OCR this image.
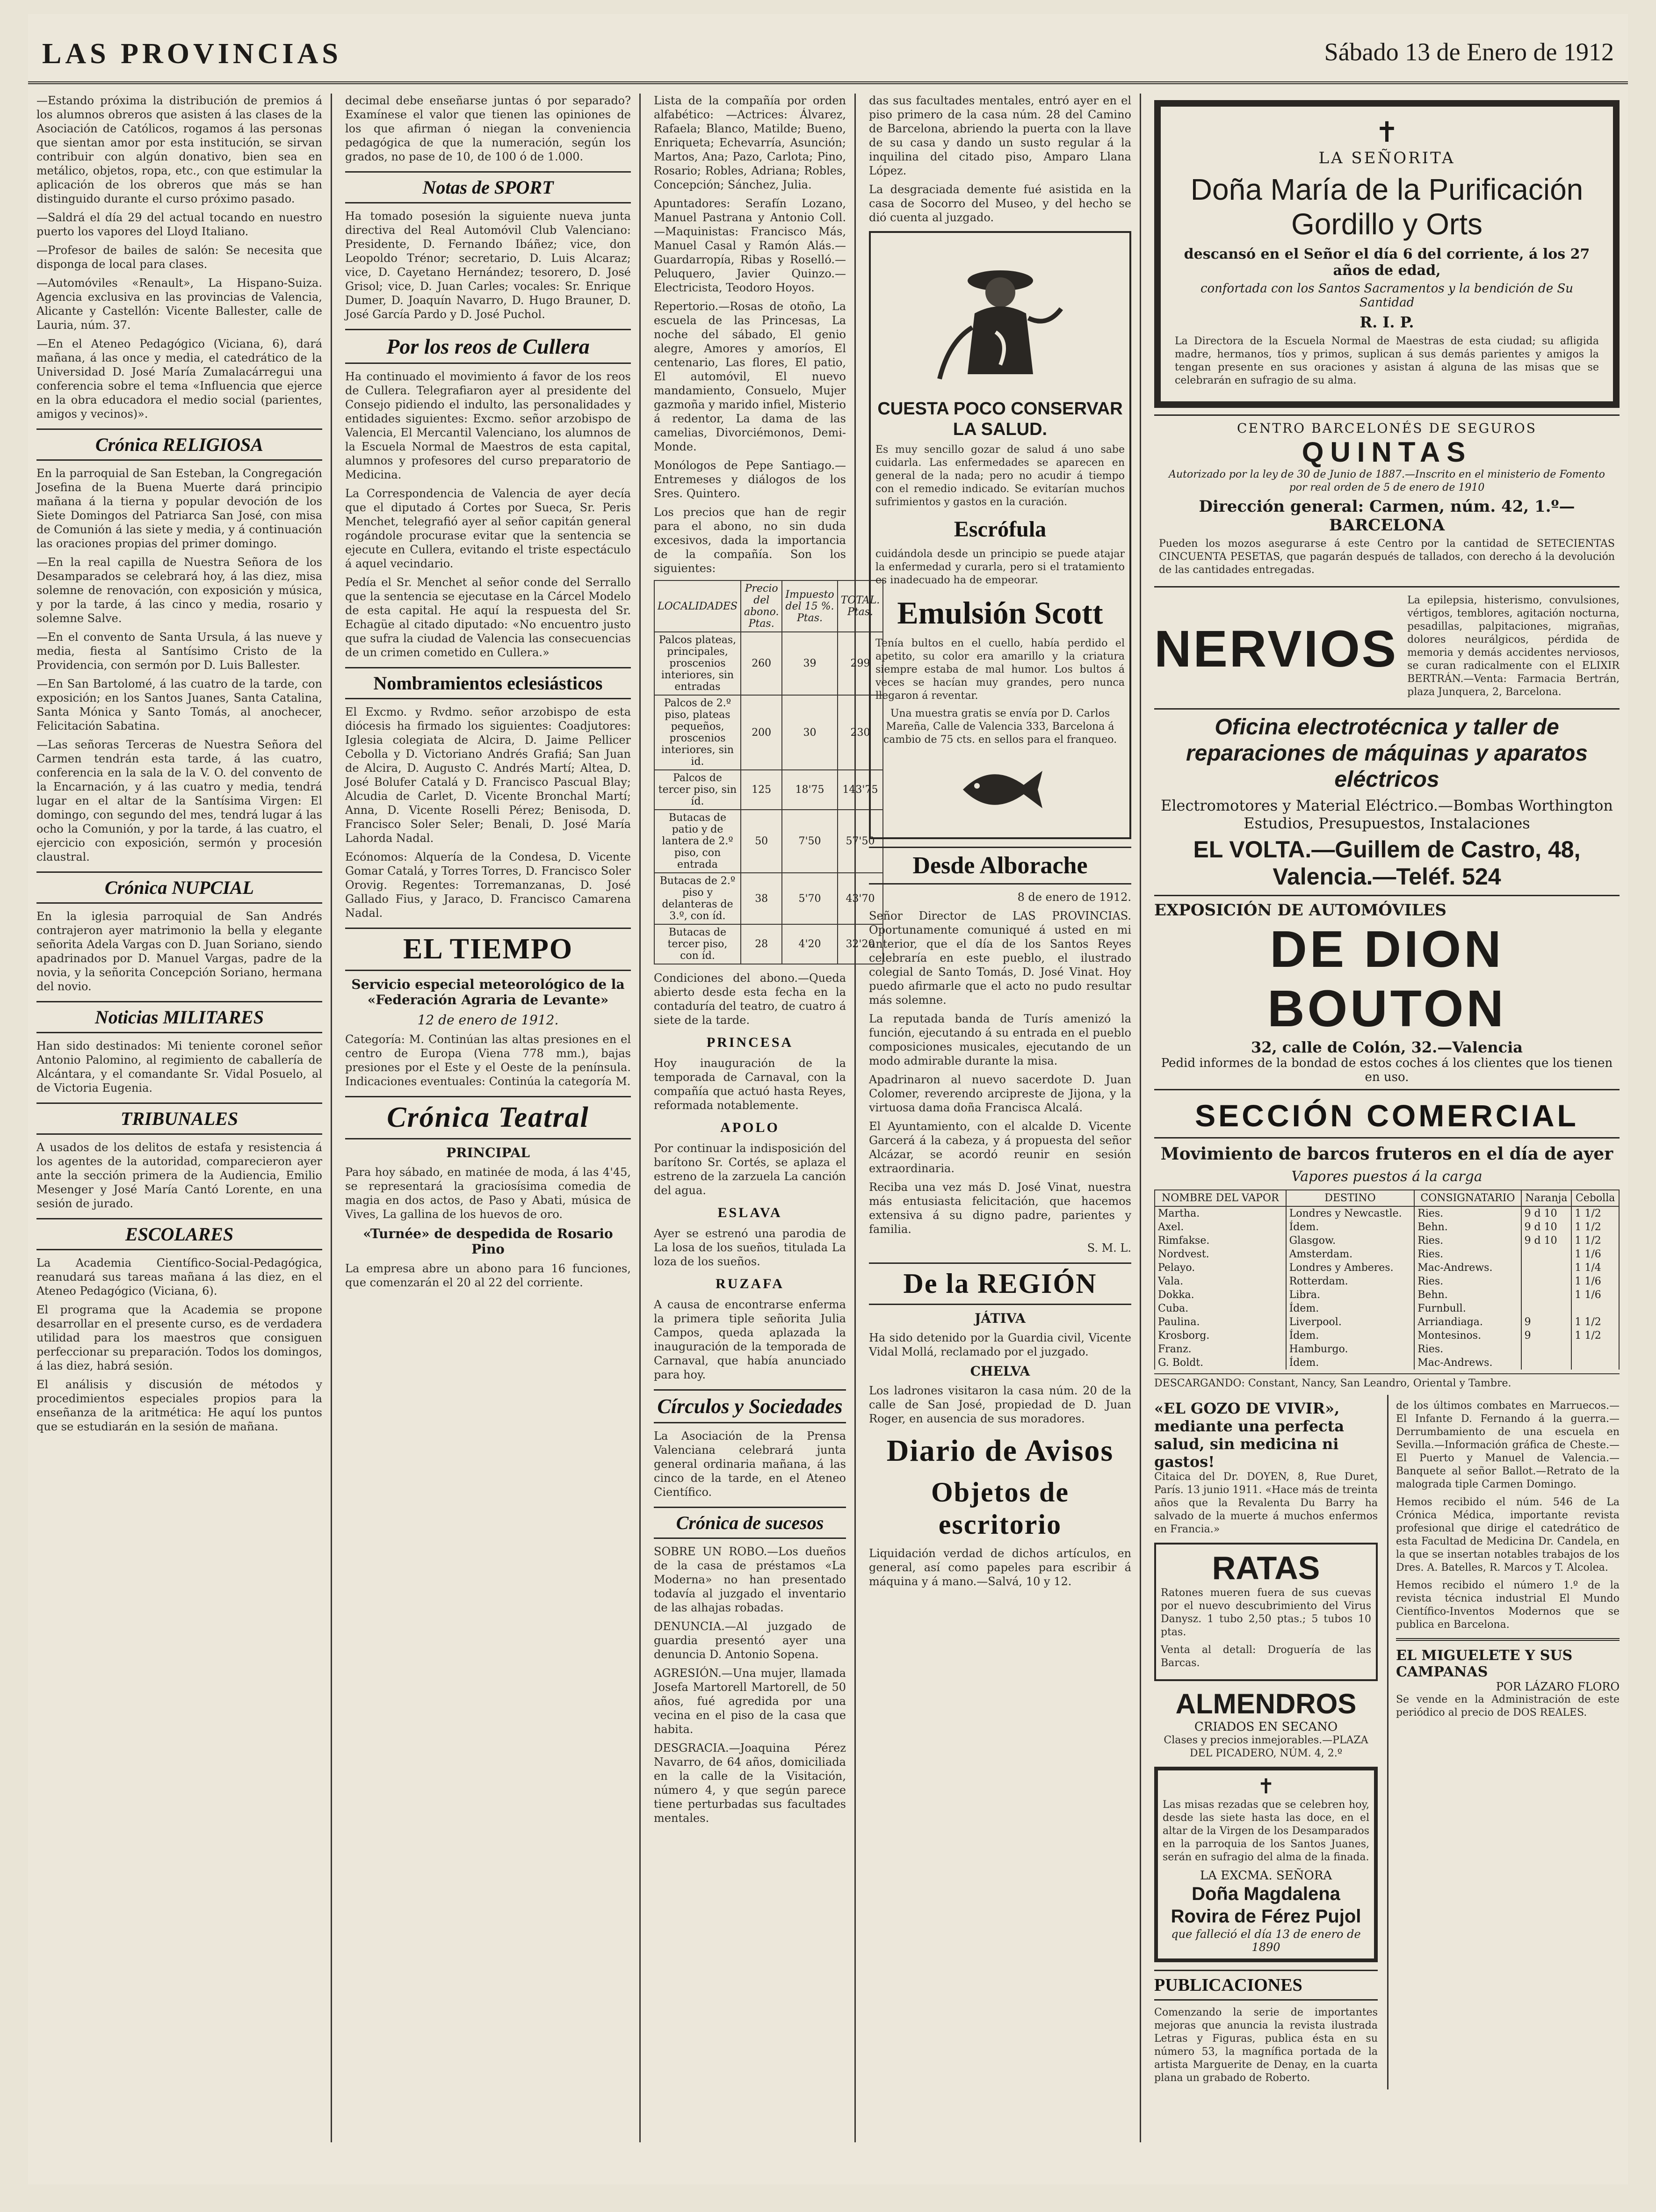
LAS PROVINCIAS	Sábado 13 de Enero de 1912

—Estando próxima la distribución de premios á los alumnos obreros que asisten á las clases de la Asociación de Católicos, rogamos á las personas que sientan amor por esta institución, se sirvan contribuir con algún donativo, bien sea en metálico, objetos, ropa, etc., con que estimular la aplicación de los obreros que más se han distinguido durante el curso próximo pasado.

—Saldrá el día 29 del actual tocando en nuestro puerto los vapores del Lloyd Italiano.

—Profesor de bailes de salón: Se necesita que disponga de local para clases.

—Automóviles «Renault», La Hispano-Suiza. Agencia exclusiva en las provincias de Valencia, Alicante y Castellón: Vicente Ballester, calle de Lauria, núm. 37.

—En el Ateneo Pedagógico (Viciana, 6), dará mañana, á las once y media, el catedrático de la Universidad D. José María Zumalacárregui una conferencia sobre el tema «Influencia que ejerce en la obra educadora el medio social (parientes, amigos y vecinos)».

Crónica RELIGIOSA

En la parroquial de San Esteban, la Congregación Josefina de la Buena Muerte dará principio mañana á la tierna y popular devoción de los Siete Domingos del Patriarca San José, con misa de Comunión á las siete y media, y á continuación las oraciones propias del primer domingo.

—En la real capilla de Nuestra Señora de los Desamparados se celebrará hoy, á las diez, misa solemne de renovación, con exposición y música, y por la tarde, á las cinco y media, rosario y solemne Salve.

—En el convento de Santa Ursula, á las nueve y media, fiesta al Santísimo Cristo de la Providencia, con sermón por D. Luis Ballester.

—En San Bartolomé, á las cuatro de la tarde, con exposición; en los Santos Juanes, Santa Catalina, Santa Mónica y Santo Tomás, al anochecer, Felicitación Sabatina.

—Las señoras Terceras de Nuestra Señora del Carmen tendrán esta tarde, á las cuatro, conferencia en la sala de la V. O. del convento de la Encarnación, y á las cuatro y media, tendrá lugar en el altar de la Santísima Virgen: El domingo, con segundo del mes, tendrá lugar á las ocho la Comunión, y por la tarde, á las cuatro, el ejercicio con exposición, sermón y procesión claustral.

Crónica NUPCIAL

En la iglesia parroquial de San Andrés contrajeron ayer matrimonio la bella y elegante señorita Adela Vargas con D. Juan Soriano, siendo apadrinados por D. Manuel Vargas, padre de la novia, y la señorita Concepción Soriano, hermana del novio.

Noticias MILITARES

Han sido destinados: Mi teniente coronel señor Antonio Palomino, al regimiento de caballería de Alcántara, y el comandante Sr. Vidal Posuelo, al de Victoria Eugenia.

TRIBUNALES

A usados de los delitos de estafa y resistencia á los agentes de la autoridad, comparecieron ayer ante la sección primera de la Audiencia, Emilio Mesenger y José María Cantó Lorente, en una sesión de jurado.

ESCOLARES

La Academia Científico-Social-Pedagógica, reanudará sus tareas mañana á las diez, en el Ateneo Pedagógico (Viciana, 6).

El programa que la Academia se propone desarrollar en el presente curso, es de verdadera utilidad para los maestros que consiguen perfeccionar su preparación. Todos los domingos, á las diez, habrá sesión.

El análisis y discusión de métodos y procedimientos especiales propios para la enseñanza de la aritmética: He aquí los puntos que se estudiarán en la sesión de mañana.

decimal debe enseñarse juntas ó por separado? Examínese el valor que tienen las opiniones de los que afirman ó niegan la conveniencia pedagógica de que la numeración, según los grados, no pase de 10, de 100 ó de 1.000.

Notas de SPORT

Ha tomado posesión la siguiente nueva junta directiva del Real Automóvil Club Valenciano: Presidente, D. Fernando Ibáñez; vice, don Leopoldo Trénor; secretario, D. Luis Alcaraz; vice, D. Cayetano Hernández; tesorero, D. José Grisol; vice, D. Juan Carles; vocales: Sr. Enrique Dumer, D. Joaquín Navarro, D. Hugo Brauner, D. José García Pardo y D. José Puchol.

Por los reos de Cullera

Ha continuado el movimiento á favor de los reos de Cullera. Telegrafiaron ayer al presidente del Consejo pidiendo el indulto, las personalidades y entidades siguientes: Excmo. señor arzobispo de Valencia, El Mercantil Valenciano, los alumnos de la Escuela Normal de Maestros de esta capital, alumnos y profesores del curso preparatorio de Medicina.

La Correspondencia de Valencia de ayer decía que el diputado á Cortes por Sueca, Sr. Peris Menchet, telegrafió ayer al señor capitán general rogándole procurase evitar que la sentencia se ejecute en Cullera, evitando el triste espectáculo á aquel vecindario.

Pedía el Sr. Menchet al señor conde del Serrallo que la sentencia se ejecutase en la Cárcel Modelo de esta capital. He aquí la respuesta del Sr. Echagüe al citado diputado: «No encuentro justo que sufra la ciudad de Valencia las consecuencias de un crimen cometido en Cullera.»

Nombramientos eclesiásticos

El Excmo. y Rvdmo. señor arzobispo de esta diócesis ha firmado los siguientes: Coadjutores: Iglesia colegiata de Alcira, D. Jaime Pellicer Cebolla y D. Victoriano Andrés Grafiá; San Juan de Alcira, D. Augusto C. Andrés Martí; Altea, D. José Bolufer Catalá y D. Francisco Pascual Blay; Alcudia de Carlet, D. Vicente Bronchal Martí; Anna, D. Vicente Roselli Pérez; Benisoda, D. Francisco Soler Seler; Benali, D. José María Lahorda Nadal.

Ecónomos: Alquería de la Condesa, D. Vicente Gomar Catalá, y Torres Torres, D. Francisco Soler Orovig. Regentes: Torremanzanas, D. José Gallado Fius, y Jaraco, D. Francisco Camarena Nadal.

EL TIEMPO
Servicio especial meteorológico de la «Federación Agraria de Levante»
12 de enero de 1912.

Categoría: M. Continúan las altas presiones en el centro de Europa (Viena 778 mm.), bajas presiones por el Este y el Oeste de la península. Indicaciones eventuales: Continúa la categoría M.

Crónica Teatral
PRINCIPAL

Para hoy sábado, en matinée de moda, á las 4'45, se representará la graciosísima comedia de magia en dos actos, de Paso y Abati, música de Vives, La gallina de los huevos de oro.

«Turnée» de despedida de Rosario Pino

La empresa abre un abono para 16 funciones, que comenzarán el 20 al 22 del corriente.

Lista de la compañía por orden alfabético: —Actrices: Álvarez, Rafaela; Blanco, Matilde; Bueno, Enriqueta; Echevarría, Asunción; Martos, Ana; Pazo, Carlota; Pino, Rosario; Robles, Adriana; Robles, Concepción; Sánchez, Julia.

Apuntadores: Serafín Lozano, Manuel Pastrana y Antonio Coll.—Maquinistas: Francisco Más, Manuel Casal y Ramón Alás.—Guardarropía, Ribas y Roselló.—Peluquero, Javier Quinzo.—Electricista, Teodoro Hoyos.

Repertorio.—Rosas de otoño, La escuela de las Princesas, La noche del sábado, El genio alegre, Amores y amoríos, El centenario, Las flores, El patio, El automóvil, El nuevo mandamiento, Consuelo, Mujer gazmoña y marido infiel, Misterio á redentor, La dama de las camelias, Divorciémonos, Demi-Monde.

Monólogos de Pepe Santiago.—Entremeses y diálogos de los Sres. Quintero.

Los precios que han de regir para el abono, no sin duda excesivos, dada la importancia de la compañía. Son los siguientes:

LOCALIDADES	Precio del abono. Ptas.	Impuesto del 15 %. Ptas.	TOTAL. Ptas.
Palcos plateas, principales, proscenios interiores, sin entradas	260	39	299
Palcos de 2.º piso, plateas pequeños, proscenios interiores, sin id.	200	30	230
Palcos de tercer piso, sin íd.	125	18'75	143'75
Butacas de patio y de lantera de 2.º piso, con entrada	50	7'50	57'50
Butacas de 2.º piso y delanteras de 3.º, con íd.	38	5'70	43'70
Butacas de tercer piso, con íd.	28	4'20	32'20

Condiciones del abono.—Queda abierto desde esta fecha en la contaduría del teatro, de cuatro á siete de la tarde.

PRINCESA

Hoy inauguración de la temporada de Carnaval, con la compañía que actuó hasta Reyes, reformada notablemente.

APOLO

Por continuar la indisposición del barítono Sr. Cortés, se aplaza el estreno de la zarzuela La canción del agua.

ESLAVA

Ayer se estrenó una parodia de La losa de los sueños, titulada La loza de los sueños.

RUZAFA

A causa de encontrarse enferma la primera tiple señorita Julia Campos, queda aplazada la inauguración de la temporada de Carnaval, que había anunciado para hoy.

Círculos y Sociedades

La Asociación de la Prensa Valenciana celebrará junta general ordinaria mañana, á las cinco de la tarde, en el Ateneo Científico.

Crónica de sucesos

SOBRE UN ROBO.—Los dueños de la casa de préstamos «La Moderna» no han presentado todavía al juzgado el inventario de las alhajas robadas.

DENUNCIA.—Al juzgado de guardia presentó ayer una denuncia D. Antonio Sopena.

AGRESIÓN.—Una mujer, llamada Josefa Martorell Martorell, de 50 años, fué agredida por una vecina en el piso de la casa que habita.

DESGRACIA.—Joaquina Pérez Navarro, de 64 años, domiciliada en la calle de la Visitación, número 4, y que según parece tiene perturbadas sus facultades mentales.

das sus facultades mentales, entró ayer en el piso primero de la casa núm. 28 del Camino de Barcelona, abriendo la puerta con la llave de su casa y dando un susto regular á la inquilina del citado piso, Amparo Llana López.

La desgraciada demente fué asistida en la casa de Socorro del Museo, y del hecho se dió cuenta al juzgado.

CUESTA POCO CONSERVAR LA SALUD.

Es muy sencillo gozar de salud á uno sabe cuidarla. Las enfermedades se aparecen en general de la nada; pero no acudir á tiempo con el remedio indicado. Se evitarían muchos sufrimientos y gastos en la curación.

Escrófula

cuidándola desde un principio se puede atajar la enfermedad y curarla, pero si el tratamiento es inadecuado ha de empeorar.

Emulsión Scott

Tenía bultos en el cuello, había perdido el apetito, su color era amarillo y la criatura siempre estaba de mal humor. Los bultos á veces se hacían muy grandes, pero nunca llegaron á reventar.

Una muestra gratis se envía por D. Carlos Mareña, Calle de Valencia 333, Barcelona á cambio de 75 cts. en sellos para el franqueo.

Desde Alborache

8 de enero de 1912.

Señor Director de LAS PROVINCIAS. Oportunamente comuniqué á usted en mi anterior, que el día de los Santos Reyes celebraría en este pueblo, el ilustrado colegial de Santo Tomás, D. José Vinat. Hoy puedo afirmarle que el acto no pudo resultar más solemne.

La reputada banda de Turís amenizó la función, ejecutando á su entrada en el pueblo composiciones musicales, ejecutando de un modo admirable durante la misa.

Apadrinaron al nuevo sacerdote D. Juan Colomer, reverendo arcipreste de Jijona, y la virtuosa dama doña Francisca Alcalá.

El Ayuntamiento, con el alcalde D. Vicente Garcerá á la cabeza, y á propuesta del señor Alcázar, se acordó reunir en sesión extraordinaria.

Reciba una vez más D. José Vinat, nuestra más entusiasta felicitación, que hacemos extensiva á su digno padre, parientes y familia.

S. M. L.

De la REGIÓN
JÁTIVA

Ha sido detenido por la Guardia civil, Vicente Vidal Mollá, reclamado por el juzgado.

CHELVA

Los ladrones visitaron la casa núm. 20 de la calle de San José, propiedad de D. Juan Roger, en ausencia de sus moradores.

Diario de Avisos
Objetos de escritorio

Liquidación verdad de dichos artículos, en general, así como papeles para escribir á máquina y á mano.—Salvá, 10 y 12.

✝
LA SEÑORITA
Doña María de la Purificación Gordillo y Orts
descansó en el Señor el día 6 del corriente, á los 27 años de edad,
confortada con los Santos Sacramentos y la bendición de Su Santidad
R. I. P.

La Directora de la Escuela Normal de Maestras de esta ciudad; su afligida madre, hermanos, tíos y primos, suplican á sus demás parientes y amigos la tengan presente en sus oraciones y asistan á alguna de las misas que se celebrarán en sufragio de su alma.

CENTRO BARCELONÉS DE SEGUROS
QUINTAS
Autorizado por la ley de 30 de Junio de 1887.—Inscrito en el ministerio de Fomento por real orden de 5 de enero de 1910
Dirección general: Carmen, núm. 42, 1.º—BARCELONA

Pueden los mozos asegurarse á este Centro por la cantidad de SETECIENTAS CINCUENTA PESETAS, que pagarán después de tallados, con derecho á la devolución de las cantidades entregadas.

NERVIOS

La epilepsia, histerismo, convulsiones, vértigos, temblores, agitación nocturna, pesadillas, palpitaciones, migrañas, dolores neurálgicos, pérdida de memoria y demás accidentes nerviosos, se curan radicalmente con el ELIXIR BERTRÁN.—Venta: Farmacia Bertrán, plaza Junquera, 2, Barcelona.

Oficina electrotécnica y taller de reparaciones de máquinas y aparatos eléctricos
Electromotores y Material Eléctrico.—Bombas Worthington
Estudios, Presupuestos, Instalaciones
EL VOLTA.—Guillem de Castro, 48, Valencia.—Teléf. 524
EXPOSICIÓN DE AUTOMÓVILES
DE DION BOUTON
32, calle de Colón, 32.—Valencia
Pedid informes de la bondad de estos coches á los clientes que los tienen en uso.
SECCIÓN COMERCIAL
Movimiento de barcos fruteros en el día de ayer
Vapores puestos á la carga
NOMBRE DEL VAPOR	DESTINO	CONSIGNATARIO	Naranja	Cebolla
Martha.	Londres y Newcastle.	Ries.	9 d 10	1 1/2
Axel.	Ídem.	Behn.	9 d 10	1 1/2
Rimfakse.	Glasgow.	Ries.	9 d 10	1 1/2
Nordvest.	Amsterdam.	Ries.		1 1/6
Pelayo.	Londres y Amberes.	Mac-Andrews.		1 1/4
Vala.	Rotterdam.	Ries.		1 1/6
Dokka.	Libra.	Behn.		1 1/6
Cuba.	Ídem.	Furnbull.		
Paulina.	Liverpool.	Arriandiaga.	9	1 1/2
Krosborg.	Ídem.	Montesinos.	9	1 1/2
Franz.	Hamburgo.	Ries.		
G. Boldt.	Ídem.	Mac-Andrews.		

DESCARGANDO: Constant, Nancy, San Leandro, Oriental y Tambre.

«EL GOZO DE VIVIR», mediante una perfecta salud, sin medicina ni gastos!

Citaica del Dr. DOYEN, 8, Rue Duret, París. 13 junio 1911. «Hace más de treinta años que la Revalenta Du Barry ha salvado de la muerte á muchos enfermos en Francia.»

RATAS

Ratones mueren fuera de sus cuevas por el nuevo descubrimiento del Virus Danysz. 1 tubo 2,50 ptas.; 5 tubos 10 ptas.

Venta al detall: Droguería de las Barcas.

ALMENDROS
CRIADOS EN SECANO

Clases y precios inmejorables.—PLAZA DEL PICADERO, NÚM. 4, 2.º

✝

Las misas rezadas que se celebren hoy, desde las siete hasta las doce, en el altar de la Virgen de los Desamparados en la parroquia de los Santos Juanes, serán en sufragio del alma de la finada.

LA EXCMA. SEÑORA
Doña Magdalena Rovira de Férez Pujol
que falleció el día 13 de enero de 1890
PUBLICACIONES

Comenzando la serie de importantes mejoras que anuncia la revista ilustrada Letras y Figuras, publica ésta en su número 53, la magnífica portada de la artista Marguerite de Denay, en la cuarta plana un grabado de Roberto.

de los últimos combates en Marruecos.—El Infante D. Fernando á la guerra.—Derrumbamiento de una escuela en Sevilla.—Información gráfica de Cheste.—El Puerto y Manuel de Valencia.—Banquete al señor Ballot.—Retrato de la malograda tiple Carmen Domingo.

Hemos recibido el núm. 546 de La Crónica Médica, importante revista profesional que dirige el catedrático de esta Facultad de Medicina Dr. Candela, en la que se insertan notables trabajos de los Dres. A. Batelles, R. Marcos y T. Alcolea.

Hemos recibido el número 1.º de la revista técnica industrial El Mundo Científico-Inventos Modernos que se publica en Barcelona.

EL MIGUELETE Y SUS CAMPANAS
POR LÁZARO FLORO

Se vende en la Administración de este periódico al precio de DOS REALES.
